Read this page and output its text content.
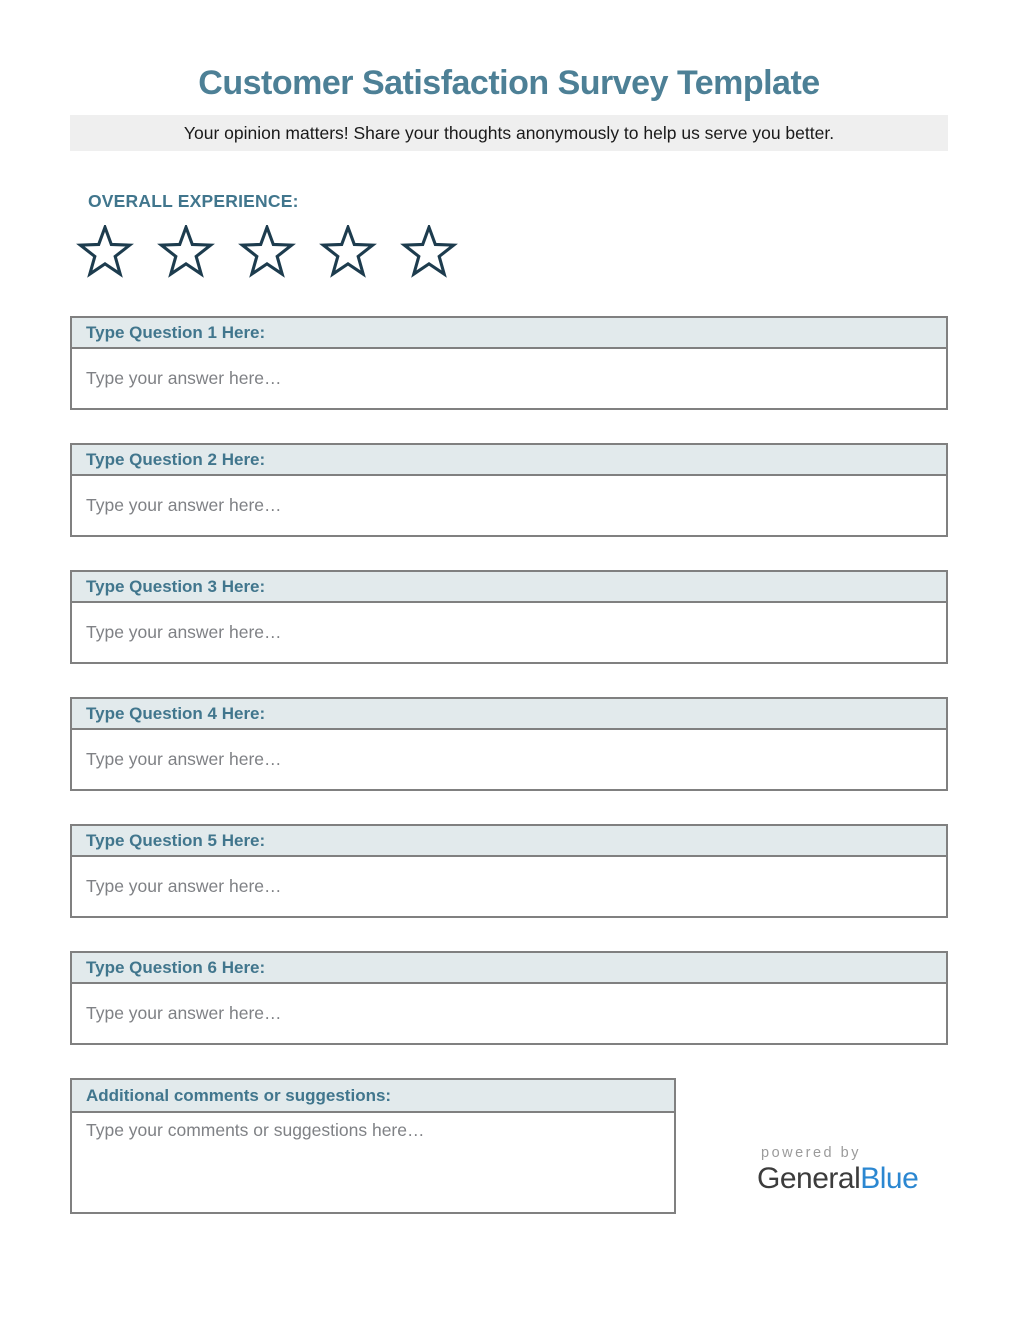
Customer Satisfaction Survey Template
Your opinion matters! Share your thoughts anonymously to help us serve you better.
OVERALL EXPERIENCE:
Type Question 1 Here:
Type your answer here…
Type Question 2 Here:
Type your answer here…
Type Question 3 Here:
Type your answer here…
Type Question 4 Here:
Type your answer here…
Type Question 5 Here:
Type your answer here…
Type Question 6 Here:
Type your answer here…
Additional comments or suggestions:
Type your comments or suggestions here…
powered by
GeneralBlue
